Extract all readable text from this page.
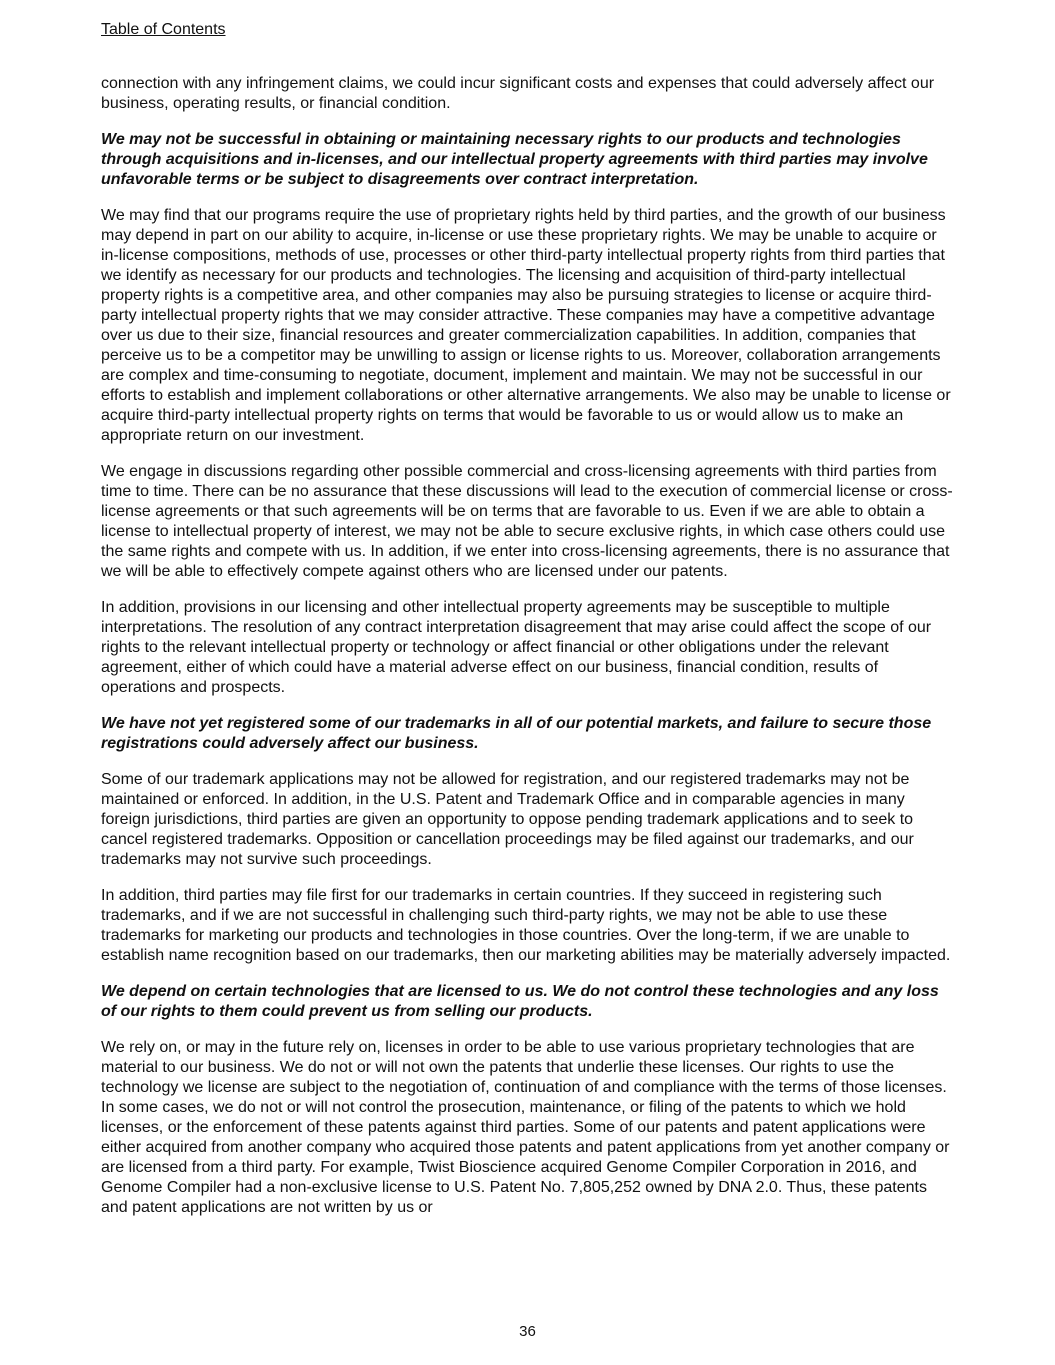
Table of Contents

connection with any infringement claims, we could incur significant costs and expenses that could adversely affect our business, operating results, or financial condition.

We may not be successful in obtaining or maintaining necessary rights to our products and technologies through acquisitions and in-licenses, and our intellectual property agreements with third parties may involve unfavorable terms or be subject to disagreements over contract interpretation.

We may find that our programs require the use of proprietary rights held by third parties, and the growth of our business may depend in part on our ability to acquire, in-license or use these proprietary rights. We may be unable to acquire or in-license compositions, methods of use, processes or other third-party intellectual property rights from third parties that we identify as necessary for our products and technologies. The licensing and acquisition of third-party intellectual property rights is a competitive area, and other companies may also be pursuing strategies to license or acquire third-party intellectual property rights that we may consider attractive. These companies may have a competitive advantage over us due to their size, financial resources and greater commercialization capabilities. In addition, companies that perceive us to be a competitor may be unwilling to assign or license rights to us. Moreover, collaboration arrangements are complex and time-consuming to negotiate, document, implement and maintain. We may not be successful in our efforts to establish and implement collaborations or other alternative arrangements. We also may be unable to license or acquire third-party intellectual property rights on terms that would be favorable to us or would allow us to make an appropriate return on our investment.

We engage in discussions regarding other possible commercial and cross-licensing agreements with third parties from time to time. There can be no assurance that these discussions will lead to the execution of commercial license or cross-license agreements or that such agreements will be on terms that are favorable to us. Even if we are able to obtain a license to intellectual property of interest, we may not be able to secure exclusive rights, in which case others could use the same rights and compete with us. In addition, if we enter into cross-licensing agreements, there is no assurance that we will be able to effectively compete against others who are licensed under our patents.

In addition, provisions in our licensing and other intellectual property agreements may be susceptible to multiple interpretations. The resolution of any contract interpretation disagreement that may arise could affect the scope of our rights to the relevant intellectual property or technology or affect financial or other obligations under the relevant agreement, either of which could have a material adverse effect on our business, financial condition, results of operations and prospects.

We have not yet registered some of our trademarks in all of our potential markets, and failure to secure those registrations could adversely affect our business.

Some of our trademark applications may not be allowed for registration, and our registered trademarks may not be maintained or enforced. In addition, in the U.S. Patent and Trademark Office and in comparable agencies in many foreign jurisdictions, third parties are given an opportunity to oppose pending trademark applications and to seek to cancel registered trademarks. Opposition or cancellation proceedings may be filed against our trademarks, and our trademarks may not survive such proceedings.

In addition, third parties may file first for our trademarks in certain countries. If they succeed in registering such trademarks, and if we are not successful in challenging such third-party rights, we may not be able to use these trademarks for marketing our products and technologies in those countries. Over the long-term, if we are unable to establish name recognition based on our trademarks, then our marketing abilities may be materially adversely impacted.

We depend on certain technologies that are licensed to us. We do not control these technologies and any loss of our rights to them could prevent us from selling our products.

We rely on, or may in the future rely on, licenses in order to be able to use various proprietary technologies that are material to our business. We do not or will not own the patents that underlie these licenses. Our rights to use the technology we license are subject to the negotiation of, continuation of and compliance with the terms of those licenses. In some cases, we do not or will not control the prosecution, maintenance, or filing of the patents to which we hold licenses, or the enforcement of these patents against third parties. Some of our patents and patent applications were either acquired from another company who acquired those patents and patent applications from yet another company or are licensed from a third party. For example, Twist Bioscience acquired Genome Compiler Corporation in 2016, and Genome Compiler had a non-exclusive license to U.S. Patent No. 7,805,252 owned by DNA 2.0. Thus, these patents and patent applications are not written by us or

36
